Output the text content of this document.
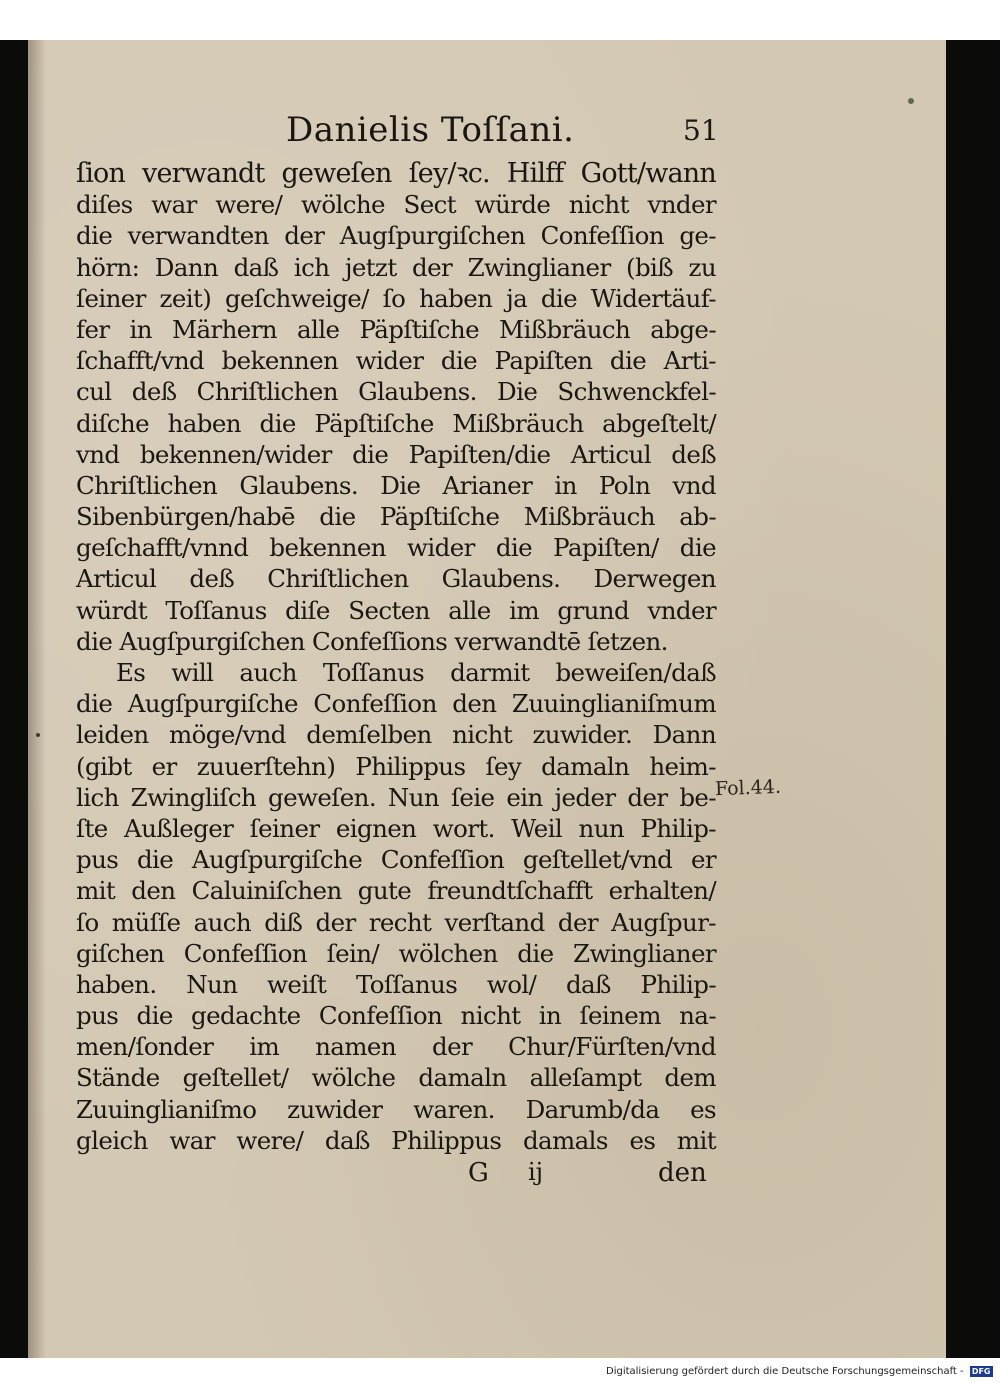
Danielis Toſſani.	51
ſion verwandt geweſen ſey/ꝛc. Hilff Gott/wann
diſes war were/ wölche Sect würde nicht vnder
die verwandten der Augſpurgiſchen Confeſſion ge-
hörn: Dann daß ich jetzt der Zwinglianer (biß zu
ſeiner zeit) geſchweige/ ſo haben ja die Widertäuf-
fer in Märhern alle Päpſtiſche Mißbräuch abge-
ſchafft/vnd bekennen wider die Papiſten die Arti-
cul deß Chriſtlichen Glaubens. Die Schwenckfel-
diſche haben die Päpſtiſche Mißbräuch abgeſtelt/
vnd bekennen/wider die Papiſten/die Articul deß
Chriſtlichen Glaubens. Die Arianer in Poln vnd
Sibenbürgen/habē die Päpſtiſche Mißbräuch ab-
geſchafft/vnnd bekennen wider die Papiſten/ die
Articul deß Chriſtlichen Glaubens. Derwegen
würdt Toſſanus diſe Secten alle im grund vnder
die Augſpurgiſchen Confeſſions verwandtē ſetzen.
Es will auch Toſſanus darmit beweiſen/daß
die Augſpurgiſche Confeſſion den Zuuinglianiſmum
leiden möge/vnd demſelben nicht zuwider. Dann
(gibt er zuuerſtehn) Philippus ſey damaln heim-
lich Zwingliſch geweſen. Nun ſeie ein jeder der be-
ſte Außleger ſeiner eignen wort. Weil nun Philip-
pus die Augſpurgiſche Confeſſion geſtellet/vnd er
mit den Caluiniſchen gute freundtſchafft erhalten/
ſo müſſe auch diß der recht verſtand der Augſpur-
giſchen Confeſſion ſein/ wölchen die Zwinglianer
haben. Nun weiſt Toſſanus wol/ daß Philip-
pus die gedachte Confeſſion nicht in ſeinem na-
men/ſonder im namen der Chur/Fürſten/vnd
Stände geſtellet/ wölche damaln alleſampt dem
Zuuinglianiſmo zuwider waren. Darumb/da es
gleich war were/ daß Philippus damals es mit
Fol.44.
G ij	den
Digitalisierung gefördert durch die Deutsche Forschungsgemeinschaft - DFG
